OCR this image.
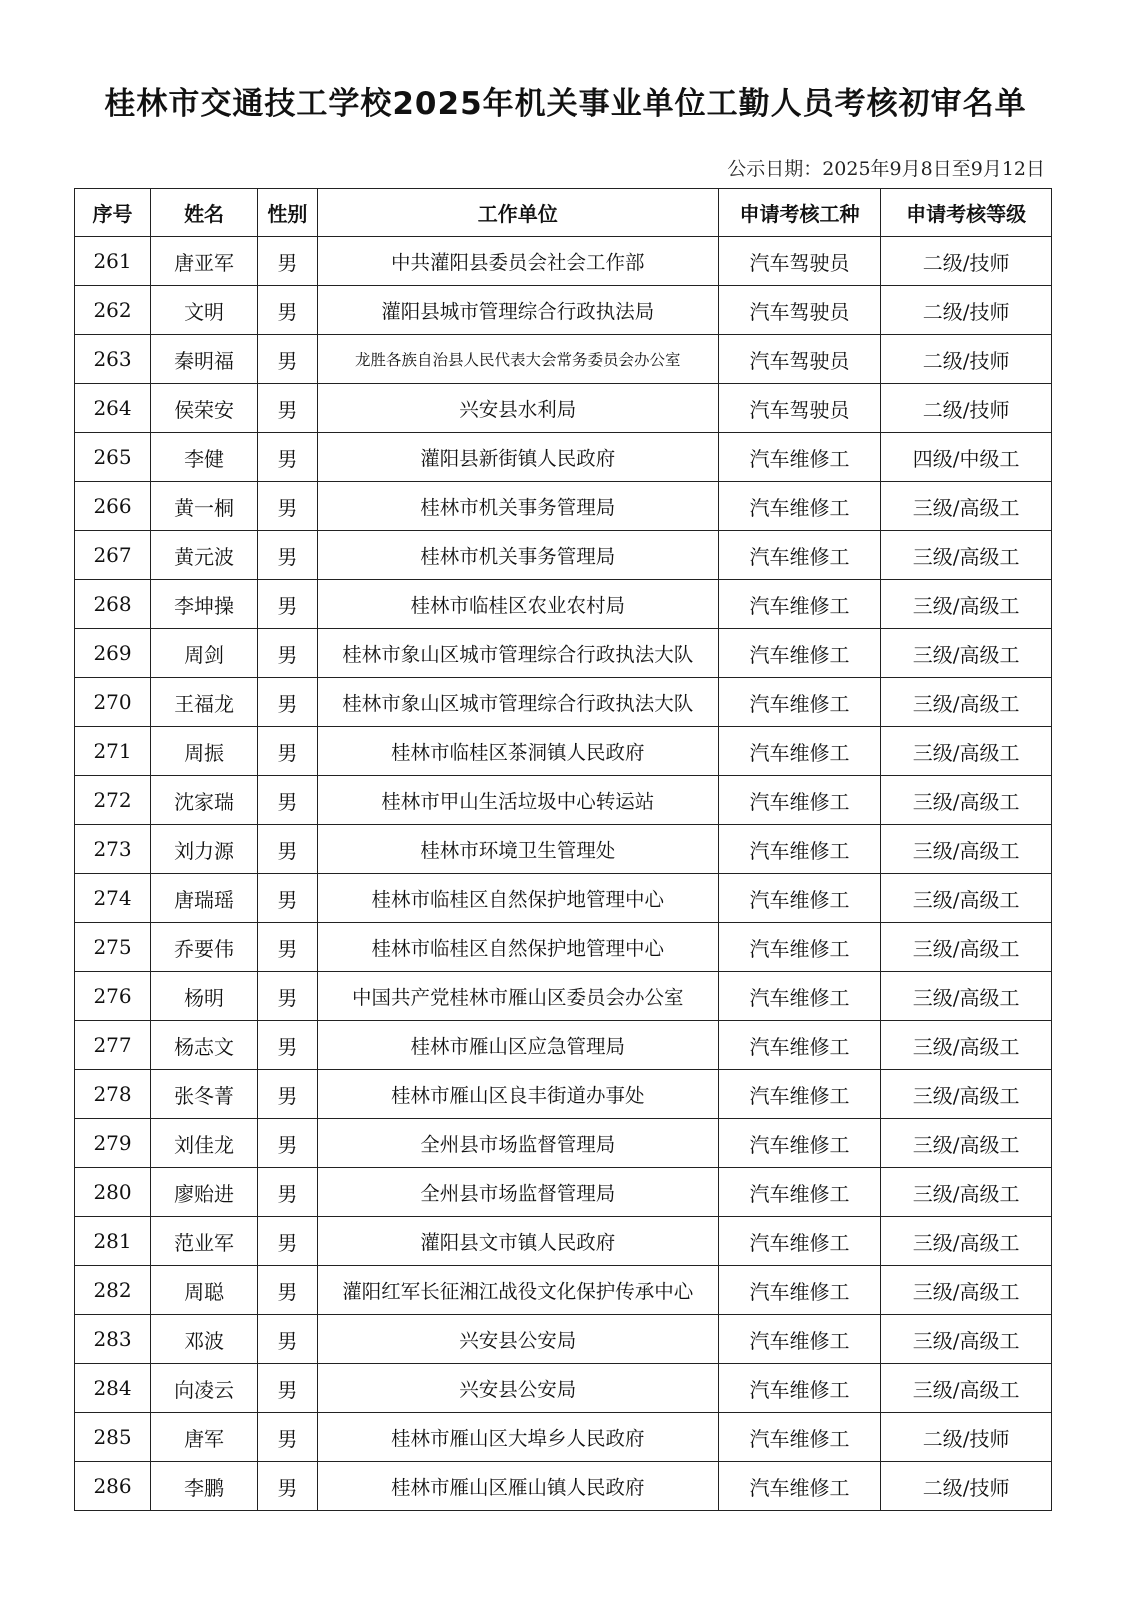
桂林市交通技工学校2025年机关事业单位工勤人员考核初审名单
公示日期：2025年9月8日至9月12日
序号	姓名	性别	工作单位	申请考核工种	申请考核等级
261	唐亚军	男	中共灌阳县委员会社会工作部	汽车驾驶员	二级/技师
262	文明	男	灌阳县城市管理综合行政执法局	汽车驾驶员	二级/技师
263	秦明福	男	龙胜各族自治县人民代表大会常务委员会办公室	汽车驾驶员	二级/技师
264	侯荣安	男	兴安县水利局	汽车驾驶员	二级/技师
265	李健	男	灌阳县新街镇人民政府	汽车维修工	四级/中级工
266	黄一桐	男	桂林市机关事务管理局	汽车维修工	三级/高级工
267	黄元波	男	桂林市机关事务管理局	汽车维修工	三级/高级工
268	李坤操	男	桂林市临桂区农业农村局	汽车维修工	三级/高级工
269	周剑	男	桂林市象山区城市管理综合行政执法大队	汽车维修工	三级/高级工
270	王福龙	男	桂林市象山区城市管理综合行政执法大队	汽车维修工	三级/高级工
271	周振	男	桂林市临桂区茶洞镇人民政府	汽车维修工	三级/高级工
272	沈家瑞	男	桂林市甲山生活垃圾中心转运站	汽车维修工	三级/高级工
273	刘力源	男	桂林市环境卫生管理处	汽车维修工	三级/高级工
274	唐瑞瑶	男	桂林市临桂区自然保护地管理中心	汽车维修工	三级/高级工
275	乔要伟	男	桂林市临桂区自然保护地管理中心	汽车维修工	三级/高级工
276	杨明	男	中国共产党桂林市雁山区委员会办公室	汽车维修工	三级/高级工
277	杨志文	男	桂林市雁山区应急管理局	汽车维修工	三级/高级工
278	张冬菁	男	桂林市雁山区良丰街道办事处	汽车维修工	三级/高级工
279	刘佳龙	男	全州县市场监督管理局	汽车维修工	三级/高级工
280	廖贻进	男	全州县市场监督管理局	汽车维修工	三级/高级工
281	范业军	男	灌阳县文市镇人民政府	汽车维修工	三级/高级工
282	周聪	男	灌阳红军长征湘江战役文化保护传承中心	汽车维修工	三级/高级工
283	邓波	男	兴安县公安局	汽车维修工	三级/高级工
284	向凌云	男	兴安县公安局	汽车维修工	三级/高级工
285	唐军	男	桂林市雁山区大埠乡人民政府	汽车维修工	二级/技师
286	李鹏	男	桂林市雁山区雁山镇人民政府	汽车维修工	二级/技师
